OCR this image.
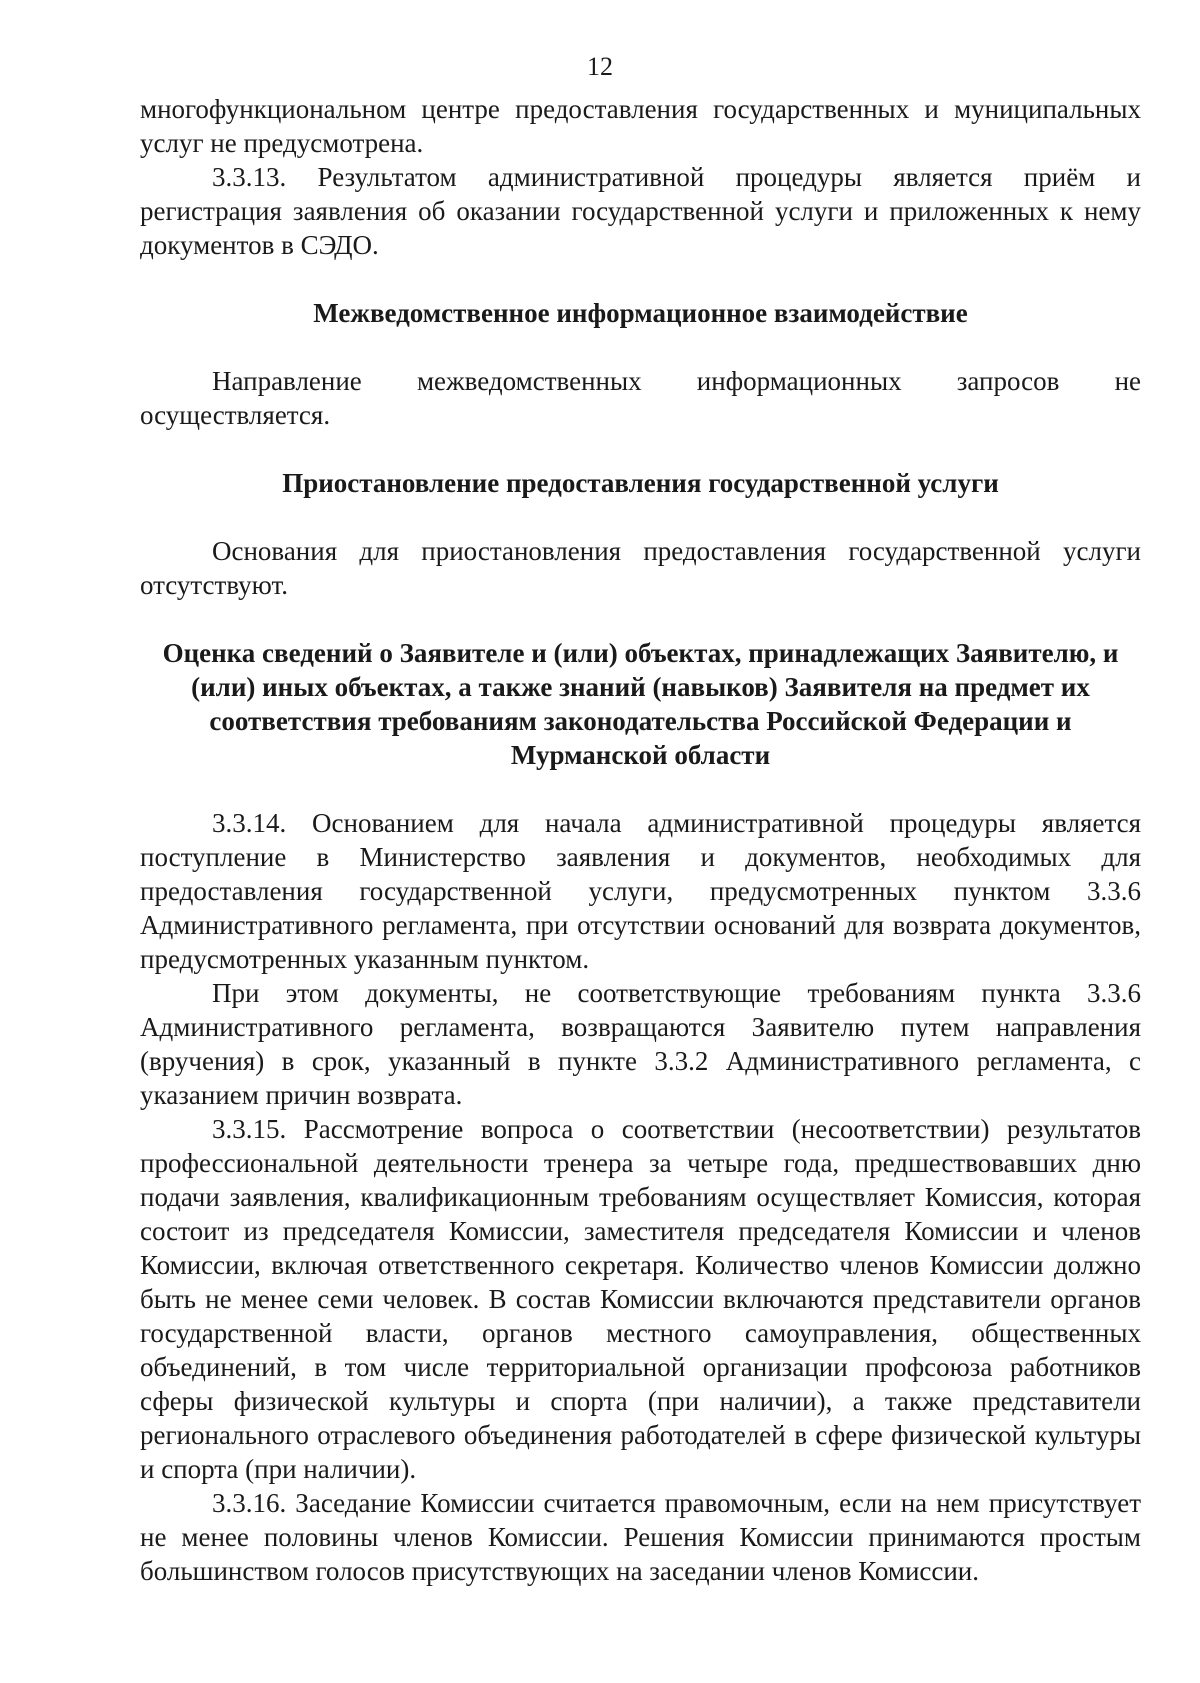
12

многофункциональном центре предоставления государственных и муниципальных услуг не предусмотрена.

3.3.13. Результатом административной процедуры является приём и регистрация заявления об оказании государственной услуги и приложенных к нему документов в СЭДО.

Межведомственное информационное взаимодействие

Направление межведомственных информационных запросов не осуществляется.

Приостановление предоставления государственной услуги

Основания для приостановления предоставления государственной услуги отсутствуют.

Оценка сведений о Заявителе и (или) объектах, принадлежащих Заявителю, и (или) иных объектах, а также знаний (навыков) Заявителя на предмет их соответствия требованиям законодательства Российской Федерации и Мурманской области

3.3.14. Основанием для начала административной процедуры является поступление в Министерство заявления и документов, необходимых для предоставления государственной услуги, предусмотренных пунктом 3.3.6 Административного регламента, при отсутствии оснований для возврата документов, предусмотренных указанным пунктом.

При этом документы, не соответствующие требованиям пункта 3.3.6 Административного регламента, возвращаются Заявителю путем направления (вручения) в срок, указанный в пункте 3.3.2 Административного регламента, с указанием причин возврата.

3.3.15. Рассмотрение вопроса о соответствии (несоответствии) результатов профессиональной деятельности тренера за четыре года, предшествовавших дню подачи заявления, квалификационным требованиям осуществляет Комиссия, которая состоит из председателя Комиссии, заместителя председателя Комиссии и членов Комиссии, включая ответственного секретаря. Количество членов Комиссии должно быть не менее семи человек. В состав Комиссии включаются представители органов государственной власти, органов местного самоуправления, общественных объединений, в том числе территориальной организации профсоюза работников сферы физической культуры и спорта (при наличии), а также представители регионального отраслевого объединения работодателей в сфере физической культуры и спорта (при наличии).

3.3.16. Заседание Комиссии считается правомочным, если на нем присутствует не менее половины членов Комиссии. Решения Комиссии принимаются простым большинством голосов присутствующих на заседании членов Комиссии.
